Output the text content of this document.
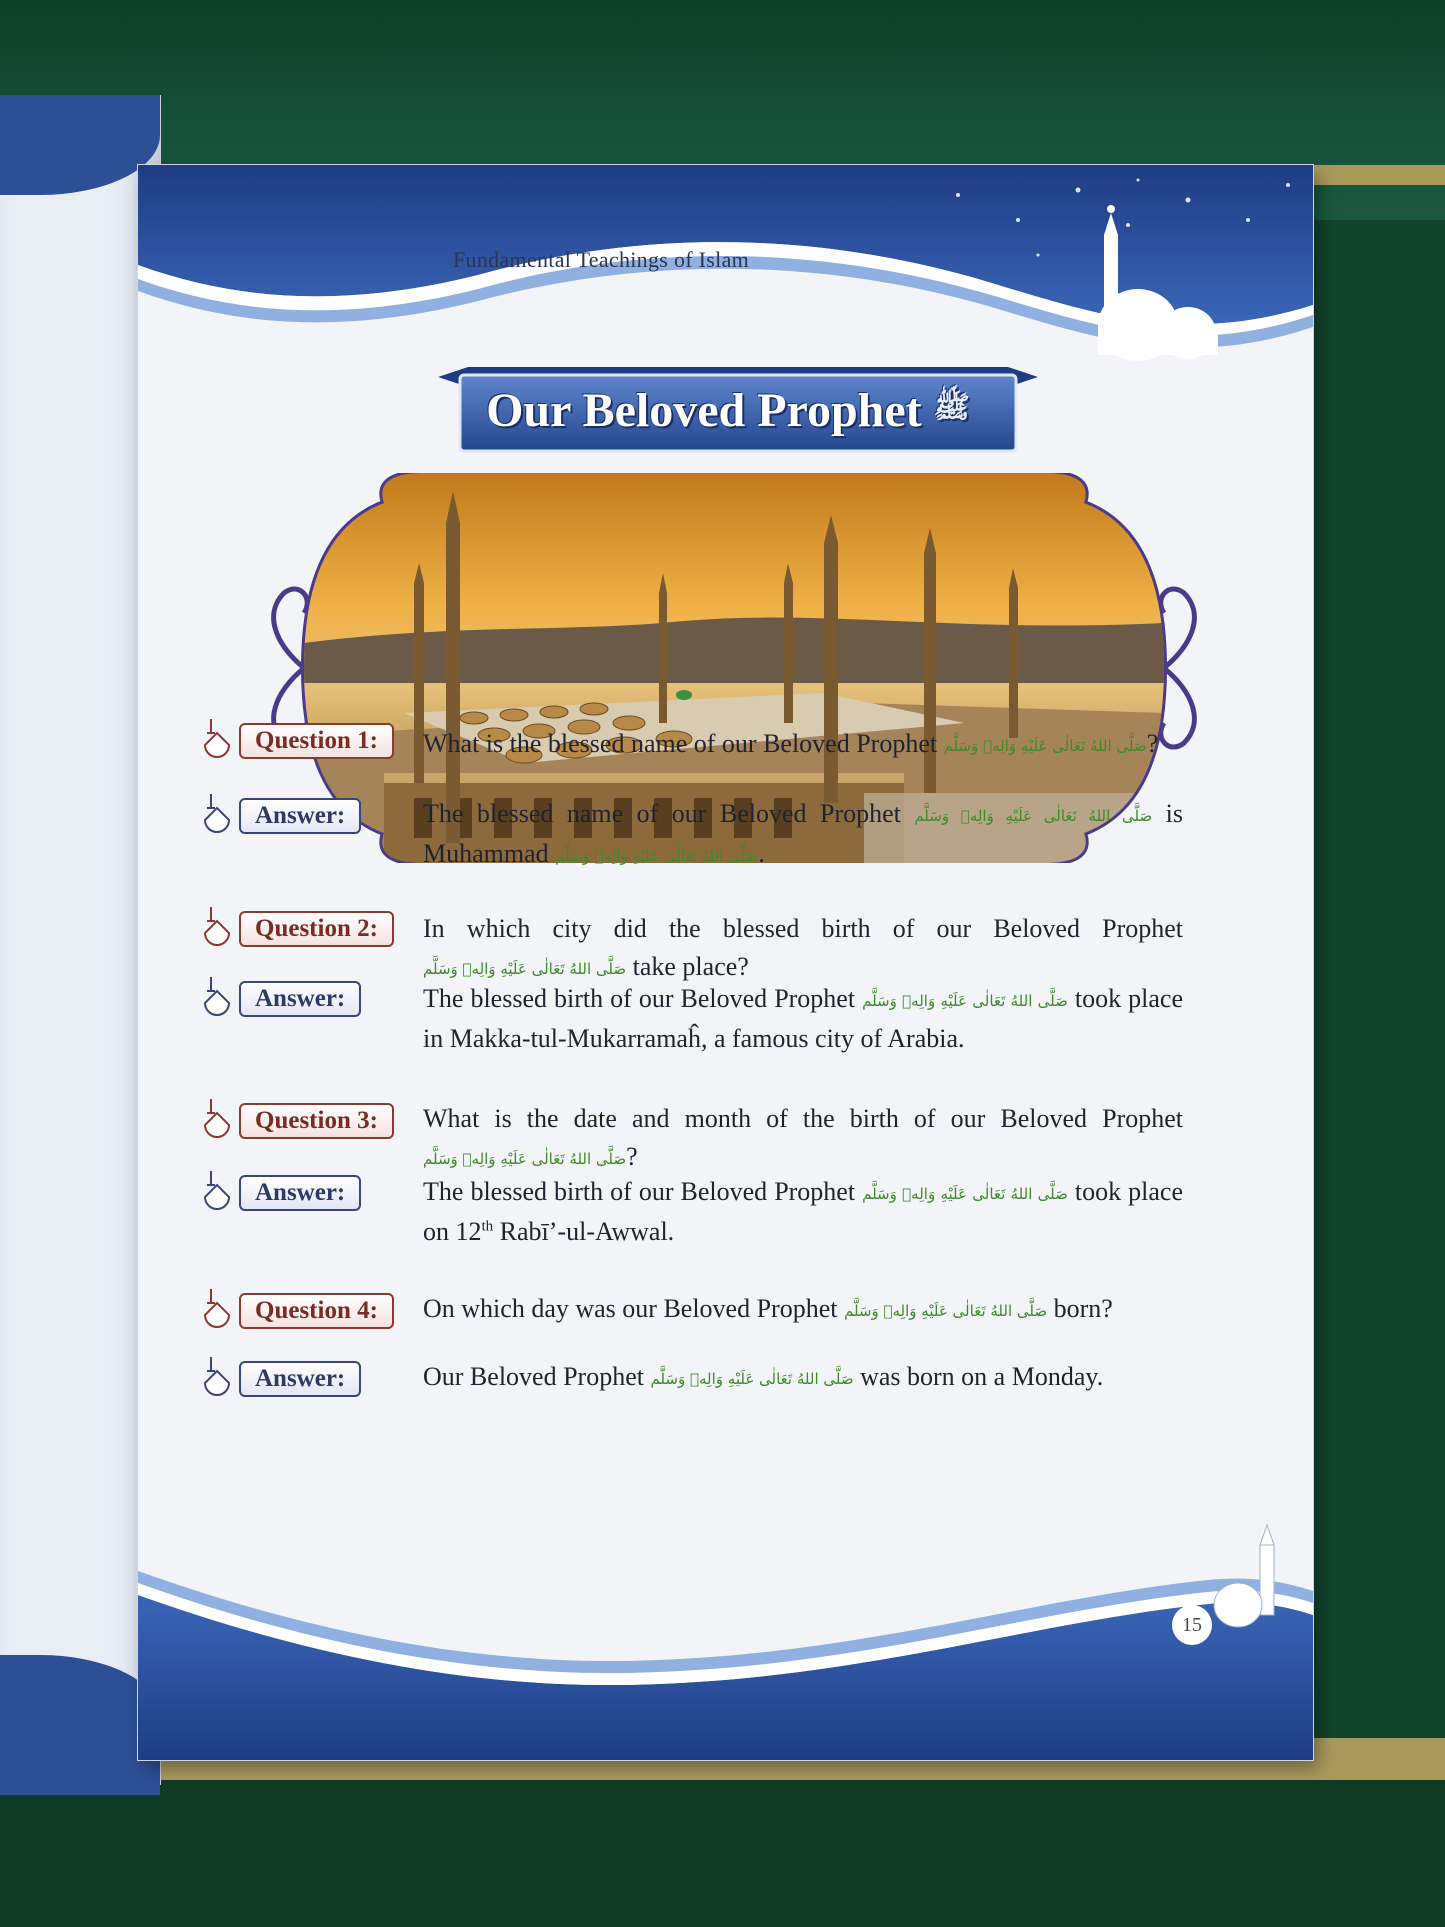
Fundamental Teachings of Islam
Our Beloved Prophet ﷺ
Question 1:	What is the blessed name of our Beloved Prophet صَلَّى اللهُ تَعَالٰى عَلَيْهِ وَالِهٖ وَسَلَّم?
Answer:	The blessed name of our Beloved Prophet صَلَّى اللهُ تَعَالٰى عَلَيْهِ وَالِهٖ وَسَلَّم is
Muhammad صَلَّى اللهُ تَعَالٰى عَلَيْهِ وَالِهٖ وَسَلَّم.
Question 2:	In which city did the blessed birth of our Beloved Prophet
صَلَّى اللهُ تَعَالٰى عَلَيْهِ وَالِهٖ وَسَلَّم take place?
Answer:	The blessed birth of our Beloved Prophet صَلَّى اللهُ تَعَالٰى عَلَيْهِ وَالِهٖ وَسَلَّم took place
in Makka-tul-Mukarramaĥ, a famous city of Arabia.
Question 3:	What is the date and month of the birth of our Beloved Prophet
صَلَّى اللهُ تَعَالٰى عَلَيْهِ وَالِهٖ وَسَلَّم?
Answer:	The blessed birth of our Beloved Prophet صَلَّى اللهُ تَعَالٰى عَلَيْهِ وَالِهٖ وَسَلَّم took place
on 12th Rabī’-ul-Awwal.
Question 4:	On which day was our Beloved Prophet صَلَّى اللهُ تَعَالٰى عَلَيْهِ وَالِهٖ وَسَلَّم born?
Answer:	Our Beloved Prophet صَلَّى اللهُ تَعَالٰى عَلَيْهِ وَالِهٖ وَسَلَّم was born on a Monday.
15
